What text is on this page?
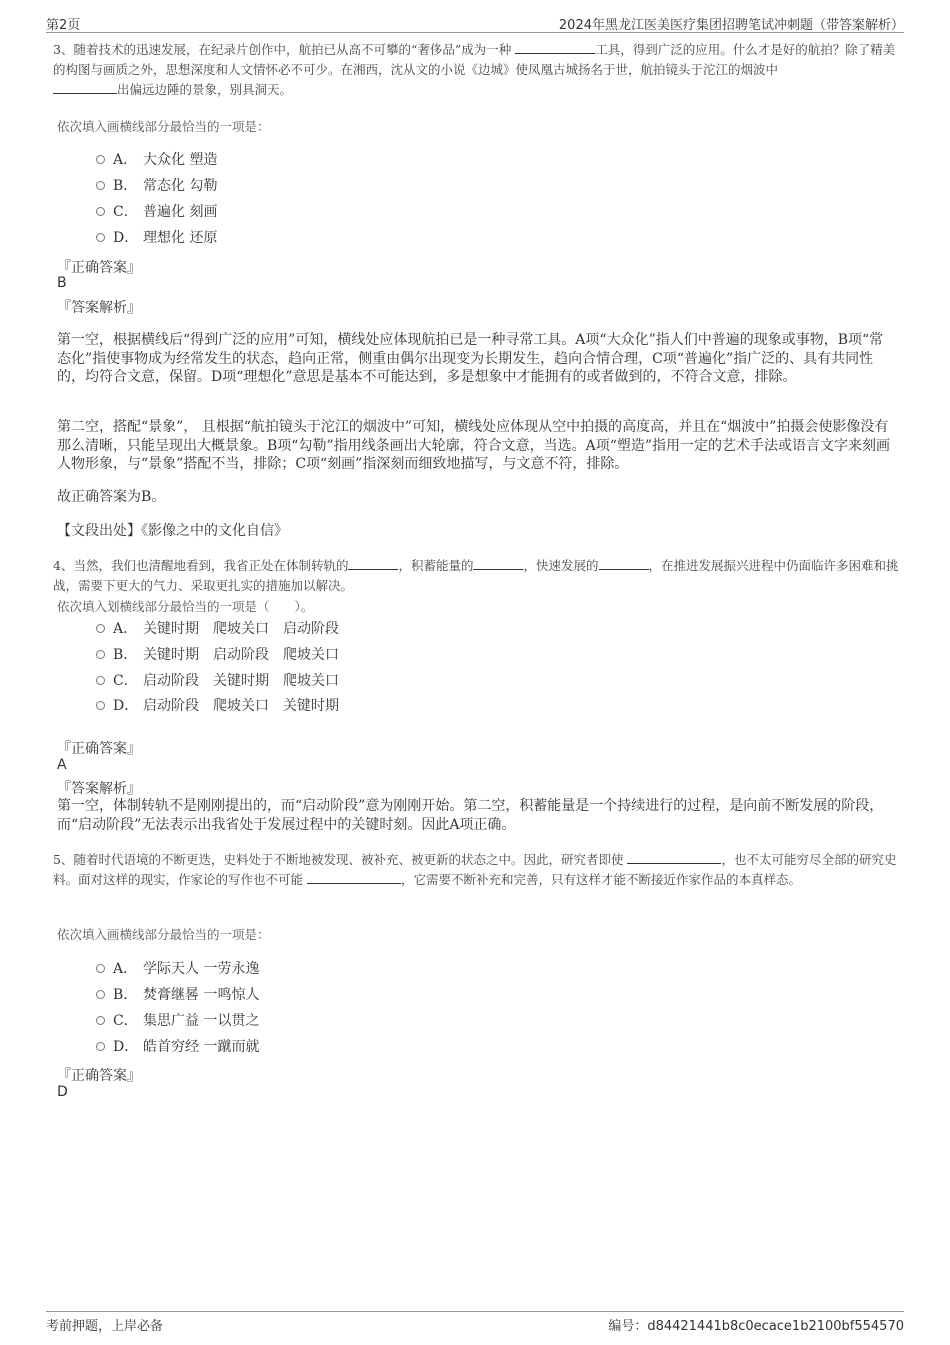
第2页	2024年黑龙江医美医疗集团招聘笔试冲刺题（带答案解析）

3、随着技术的迅速发展，在纪录片创作中，航拍已从高不可攀的“奢侈品”成为一种	工具，得到广泛的应用。什么才是好的航拍？除了精美的构图与画质之外，思想深度和人文情怀必不可少。在湘西，沈从文的小说《边城》使凤凰古城扬名于世，航拍镜头于沱江的烟波中
出偏远边陲的景象，别具洞天。

依次填入画横线部分最恰当的一项是：

A． 大众化 塑造
B． 常态化 勾勒
C． 普遍化 刻画
D． 理想化 还原

『正确答案』

B

『答案解析』

第一空，根据横线后“得到广泛的应用”可知，横线处应体现航拍已是一种寻常工具。A项“大众化”指人们中普遍的现象或事物，B项“常态化”指使事物成为经常发生的状态，趋向正常，侧重由偶尔出现变为长期发生，趋向合情合理，C项“普遍化”指广泛的、具有共同性的，均符合文意，保留。D项“理想化”意思是基本不可能达到，多是想象中才能拥有的或者做到的，不符合文意，排除。

第二空，搭配“景象”， 且根据“航拍镜头于沱江的烟波中”可知，横线处应体现从空中拍摄的高度高，并且在“烟波中”拍摄会使影像没有那么清晰，只能呈现出大概景象。B项“勾勒”指用线条画出大轮廓，符合文意，当选。A项“塑造”指用一定的艺术手法或语言文字来刻画人物形象，与“景象”搭配不当，排除；C项“刻画”指深刻而细致地描写，与文意不符，排除。

故正确答案为B。

【文段出处】《影像之中的文化自信》

4、当然，我们也清醒地看到，我省正处在体制转轨的	，积蓄能量的	，快速发展的	，在推进发展振兴进程中仍面临许多困难和挑战，需要下更大的气力、采取更扎实的措施加以解决。

依次填入划横线部分最恰当的一项是（　　）。

A． 关键时期　爬坡关口　启动阶段
B． 关键时期　启动阶段　爬坡关口
C． 启动阶段　关键时期　爬坡关口
D． 启动阶段　爬坡关口　关键时期

『正确答案』

A

『答案解析』

第一空，体制转轨不是刚刚提出的，而“启动阶段”意为刚刚开始。第二空，积蓄能量是一个持续进行的过程，是向前不断发展的阶段，而“启动阶段”无法表示出我省处于发展过程中的关键时刻。因此A项正确。

5、随着时代语境的不断更迭，史料处于不断地被发现、被补充、被更新的状态之中。因此，研究者即使	，也不太可能穷尽全部的研究史料。面对这样的现实，作家论的写作也不可能	，它需要不断补充和完善，只有这样才能不断接近作家作品的本真样态。

依次填入画横线部分最恰当的一项是：

A． 学际天人 一劳永逸
B． 焚膏继晷 一鸣惊人
C． 集思广益 一以贯之
D． 皓首穷经 一蹴而就

『正确答案』

D

考前押题，上岸必备	编号：d84421441b8c0ecace1b2100bf554570
